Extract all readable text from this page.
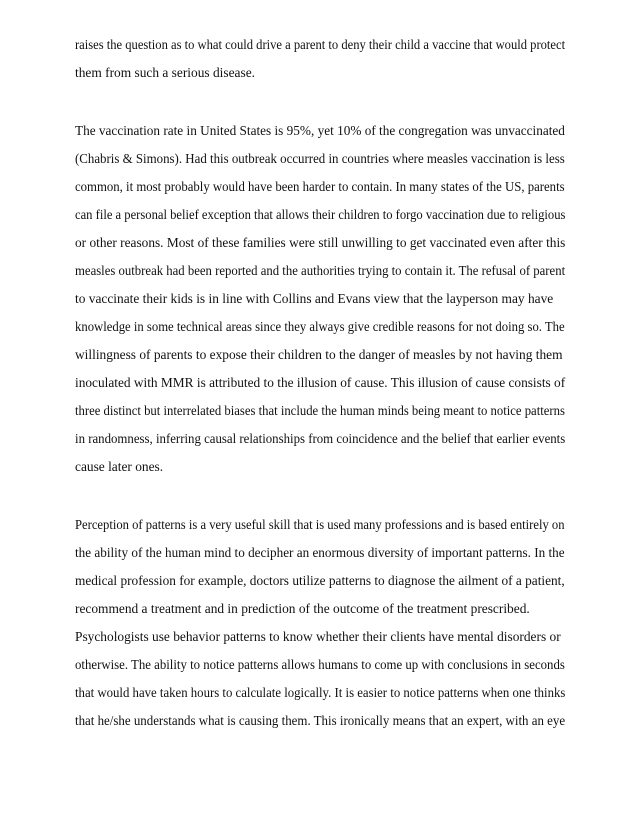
raises the question as to what could drive a parent to deny their child a vaccine that would protect
them from such a serious disease.
The vaccination rate in United States is 95%, yet 10% of the congregation was unvaccinated
(Chabris & Simons). Had this outbreak occurred in countries where measles vaccination is less
common, it most probably would have been harder to contain. In many states of the US, parents
can file a personal belief exception that allows their children to forgo vaccination due to religious
or other reasons. Most of these families were still unwilling to get vaccinated even after this
measles outbreak had been reported and the authorities trying to contain it. The refusal of parent
to vaccinate their kids is in line with Collins and Evans view that the layperson may have
knowledge in some technical areas since they always give credible reasons for not doing so. The
willingness of parents to expose their children to the danger of measles by not having them
inoculated with MMR is attributed to the illusion of cause. This illusion of cause consists of
three distinct but interrelated biases that include the human minds being meant to notice patterns
in randomness, inferring causal relationships from coincidence and the belief that earlier events
cause later ones.
Perception of patterns is a very useful skill that is used many professions and is based entirely on
the ability of the human mind to decipher an enormous diversity of important patterns. In the
medical profession for example, doctors utilize patterns to diagnose the ailment of a patient,
recommend a treatment and in prediction of the outcome of the treatment prescribed.
Psychologists use behavior patterns to know whether their clients have mental disorders or
otherwise. The ability to notice patterns allows humans to come up with conclusions in seconds
that would have taken hours to calculate logically. It is easier to notice patterns when one thinks
that he/she understands what is causing them. This ironically means that an expert, with an eye
